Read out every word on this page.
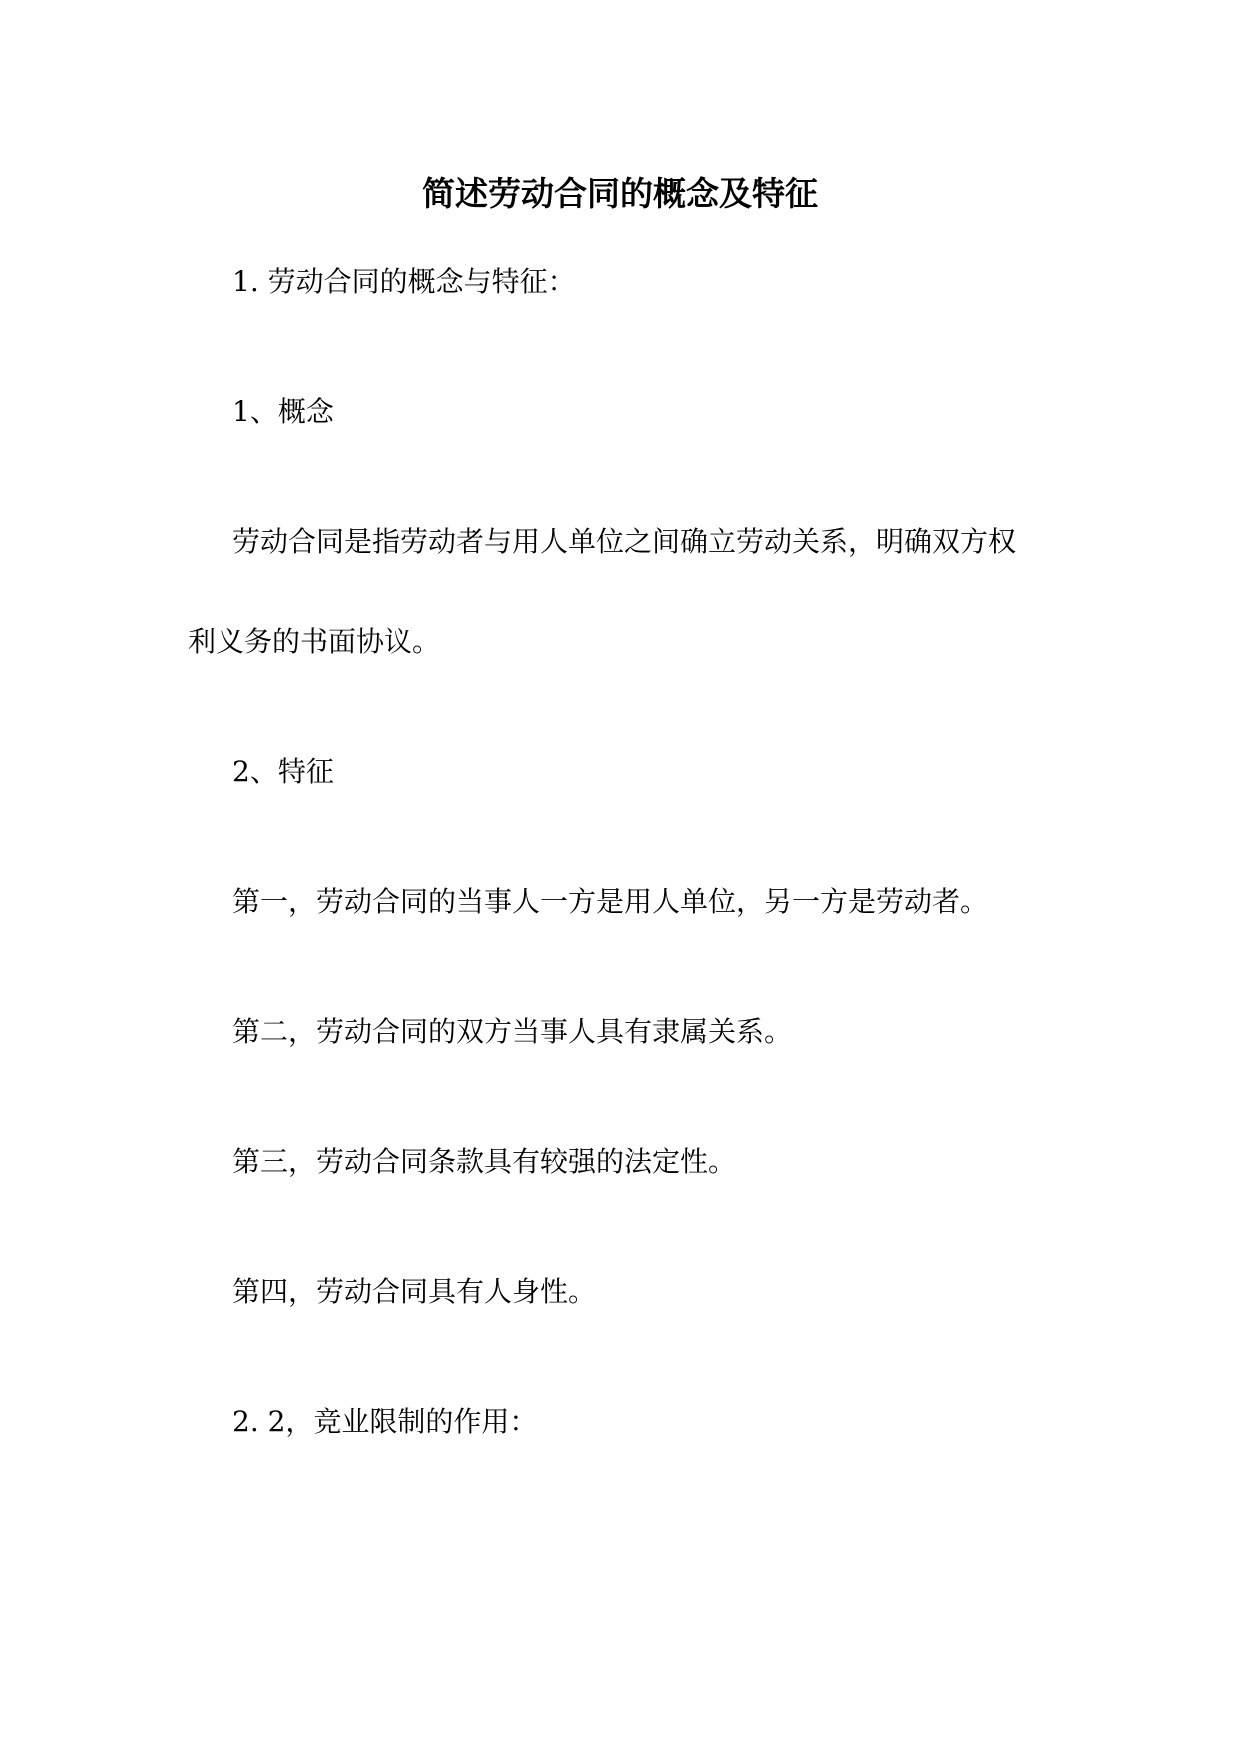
简述劳动合同的概念及特征

1. 劳动合同的概念与特征：

1、概念

劳动合同是指劳动者与用人单位之间确立劳动关系，明确双方权

利义务的书面协议。

2、特征

第一，劳动合同的当事人一方是用人单位，另一方是劳动者。

第二，劳动合同的双方当事人具有隶属关系。

第三，劳动合同条款具有较强的法定性。

第四，劳动合同具有人身性。

2. 2，竞业限制的作用：
